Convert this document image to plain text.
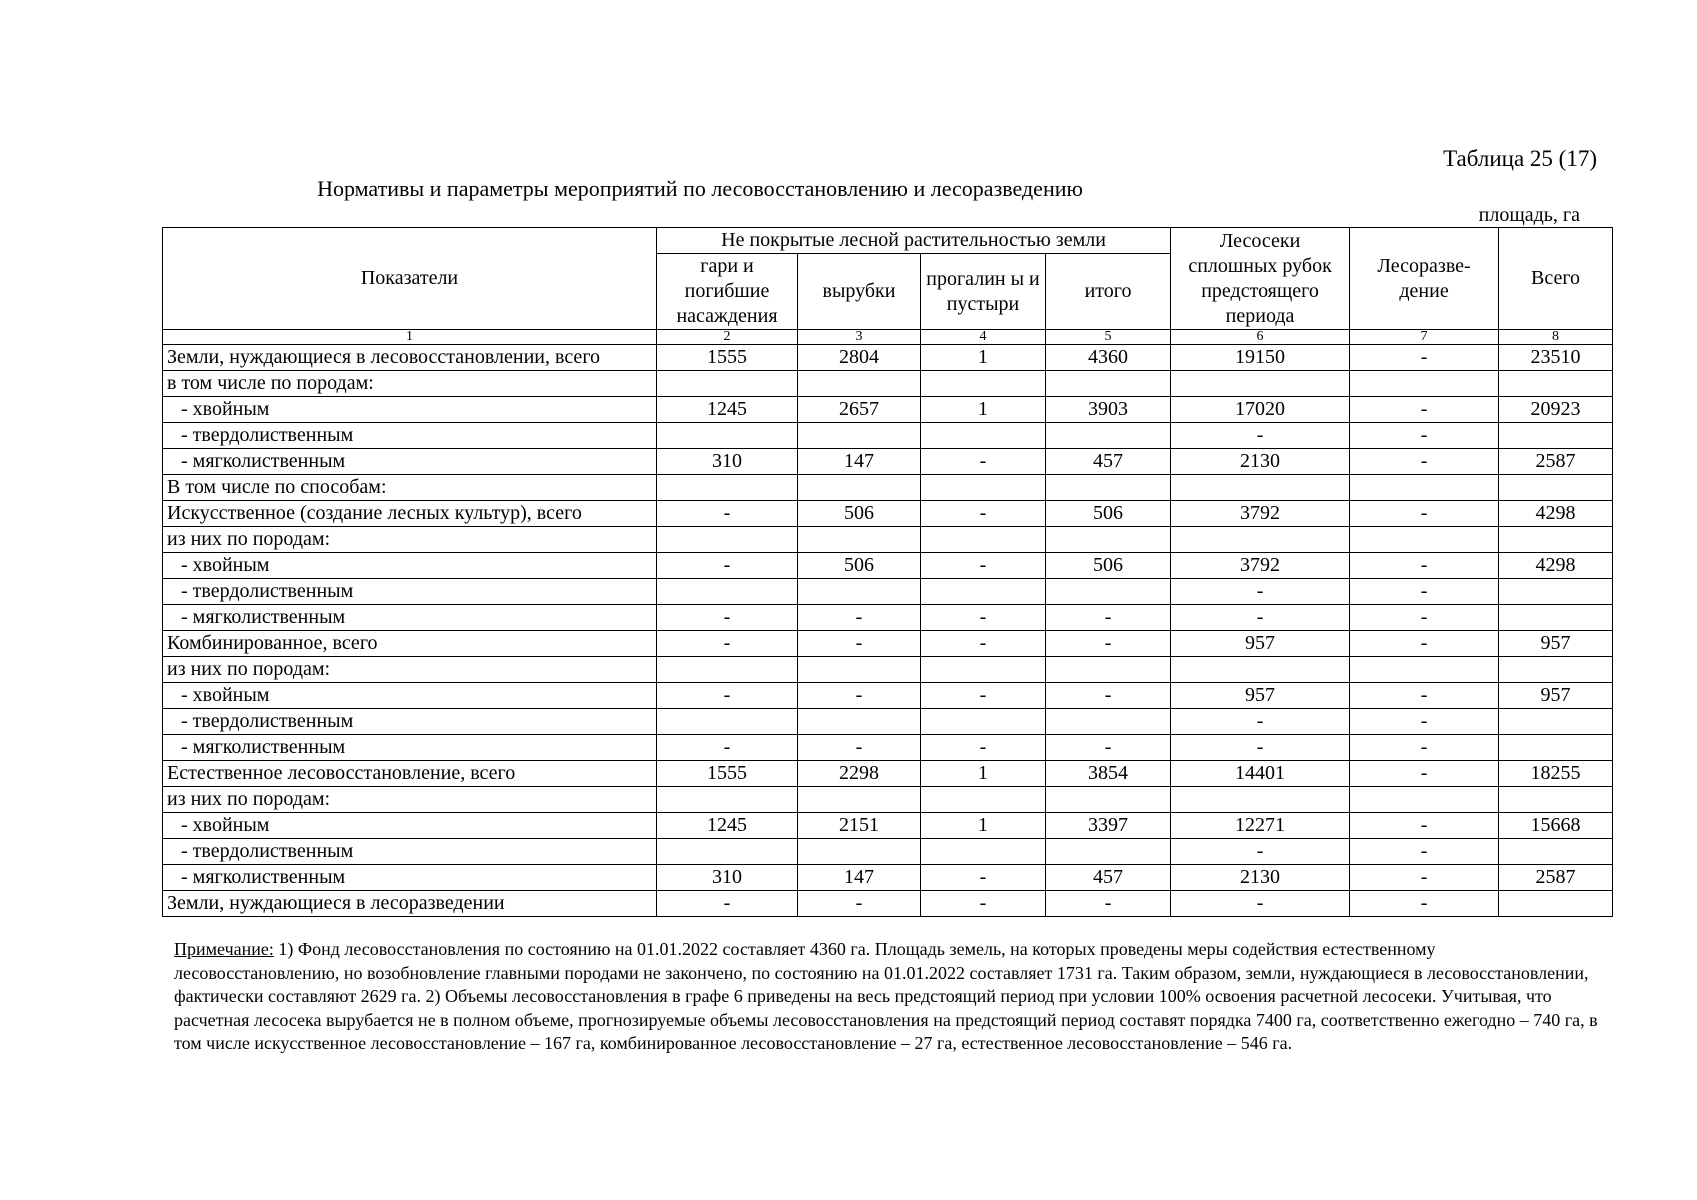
Таблица 25 (17)
Нормативы и параметры мероприятий по лесовосстановлению и лесоразведению
площадь, га
Показатели	Не покрытые лесной растительностью земли				Лесосеки сплошных рубок предстоящего периода	Лесоразве- дение	Всего
	гари и погибшие насаждения	вырубки	прогалин ы и пустыри	итого			
1	2	3	4	5	6	7	8
Земли, нуждающиеся в лесовосстановлении, всего	1555	2804	1	4360	19150	-	23510
в том числе по породам:							
- хвойным	1245	2657	1	3903	17020	-	20923
- твердолиственным					-	-	
- мягколиственным	310	147	-	457	2130	-	2587
В том числе по способам:							
Искусственное (создание лесных культур), всего	-	506	-	506	3792	-	4298
из них по породам:							
- хвойным	-	506	-	506	3792	-	4298
- твердолиственным					-	-	
- мягколиственным	-	-	-	-	-	-	
Комбинированное, всего	-	-	-	-	957	-	957
из них по породам:							
- хвойным	-	-	-	-	957	-	957
- твердолиственным					-	-	
- мягколиственным	-	-	-	-	-	-	
Естественное лесовосстановление, всего	1555	2298	1	3854	14401	-	18255
из них по породам:							
- хвойным	1245	2151	1	3397	12271	-	15668
- твердолиственным					-	-	
- мягколиственным	310	147	-	457	2130	-	2587
Земли, нуждающиеся в лесоразведении	-	-	-	-	-	-	
Примечание: 1) Фонд лесовосстановления по состоянию на 01.01.2022 составляет 4360 га. Площадь земель, на которых проведены меры содействия естественному лесовосстановлению, но возобновление главными породами не закончено, по состоянию на 01.01.2022 составляет 1731 га. Таким образом, земли, нуждающиеся в лесовосстановлении, фактически составляют 2629 га. 2) Объемы лесовосстановления в графе 6 приведены на весь предстоящий период при условии 100% освоения расчетной лесосеки. Учитывая, что расчетная лесосека вырубается не в полном объеме, прогнозируемые объемы лесовосстановления на предстоящий период составят порядка 7400 га, соответственно ежегодно – 740 га, в том числе искусственное лесовосстановление – 167 га, комбинированное лесовосстановление – 27 га, естественное лесовосстановление – 546 га.
